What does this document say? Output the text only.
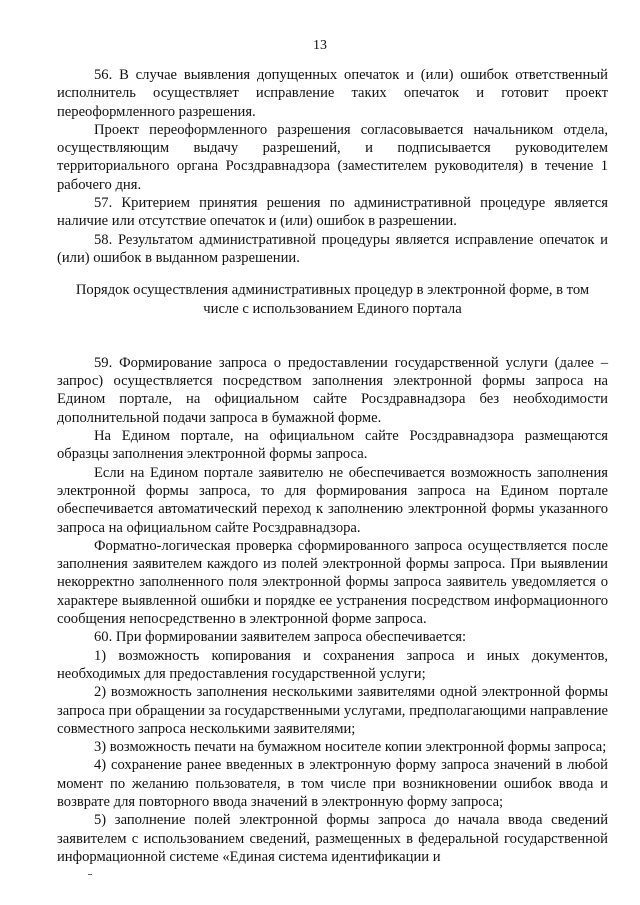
13

56. В случае выявления допущенных опечаток и (или) ошибок ответственный исполнитель осуществляет исправление таких опечаток и готовит проект переоформленного разрешения.

Проект переоформленного разрешения согласовывается начальником отдела, осуществляющим выдачу разрешений, и подписывается руководителем территориального органа Росздравнадзора (заместителем руководителя) в течение 1 рабочего дня.

57. Критерием принятия решения по административной процедуре является наличие или отсутствие опечаток и (или) ошибок в разрешении.

58. Результатом административной процедуры является исправление опечаток и (или) ошибок в выданном разрешении.

Порядок осуществления административных процедур в электронной форме, в том числе с использованием Единого портала

59. Формирование запроса о предоставлении государственной услуги (далее – запрос) осуществляется посредством заполнения электронной формы запроса на Едином портале, на официальном сайте Росздравнадзора без необходимости дополнительной подачи запроса в бумажной форме.

На Едином портале, на официальном сайте Росздравнадзора размещаются образцы заполнения электронной формы запроса.

Если на Едином портале заявителю не обеспечивается возможность заполнения электронной формы запроса, то для формирования запроса на Едином портале обеспечивается автоматический переход к заполнению электронной формы указанного запроса на официальном сайте Росздравнадзора.

Форматно-логическая проверка сформированного запроса осуществляется после заполнения заявителем каждого из полей электронной формы запроса. При выявлении некорректно заполненного поля электронной формы запроса заявитель уведомляется о характере выявленной ошибки и порядке ее устранения посредством информационного сообщения непосредственно в электронной форме запроса.

60. При формировании заявителем запроса обеспечивается:

1) возможность копирования и сохранения запроса и иных документов, необходимых для предоставления государственной услуги;

2) возможность заполнения несколькими заявителями одной электронной формы запроса при обращении за государственными услугами, предполагающими направление совместного запроса несколькими заявителями;

3) возможность печати на бумажном носителе копии электронной формы запроса;

4) сохранение ранее введенных в электронную форму запроса значений в любой момент по желанию пользователя, в том числе при возникновении ошибок ввода и возврате для повторного ввода значений в электронную форму запроса;

5) заполнение полей электронной формы запроса до начала ввода сведений заявителем с использованием сведений, размещенных в федеральной государственной информационной системе «Единая система идентификации и
